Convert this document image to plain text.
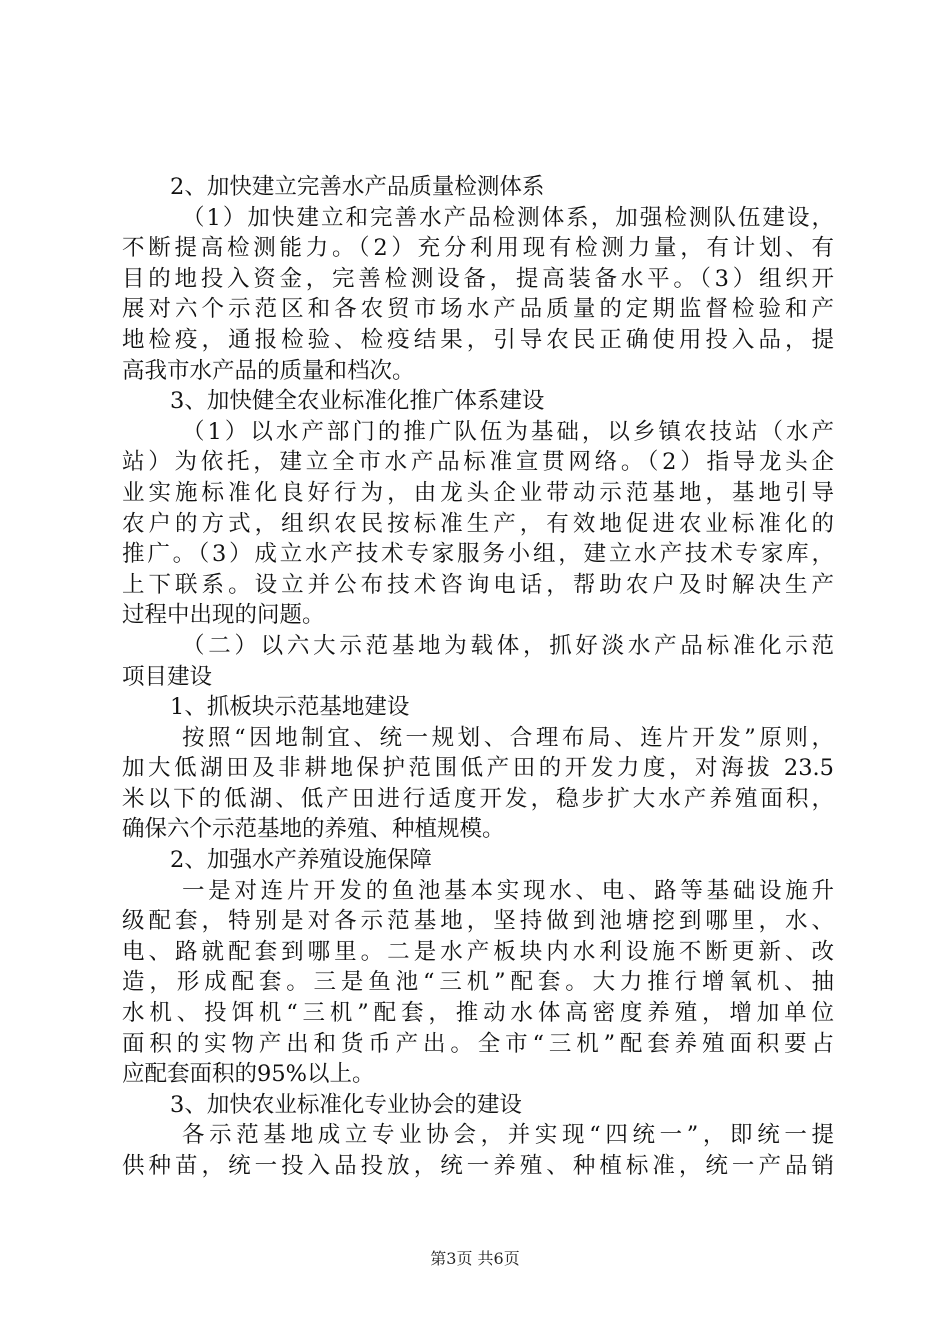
2、加快建立完善水产品质量检测体系
（1）加快建立和完善水产品检测体系，加强检测队伍建设，
不断提高检测能力。（2）充分利用现有检测力量，有计划、有
目的地投入资金，完善检测设备，提高装备水平。（3）组织开
展对六个示范区和各农贸市场水产品质量的定期监督检验和产
地检疫，通报检验、检疫结果，引导农民正确使用投入品，提
高我市水产品的质量和档次。
3、加快健全农业标准化推广体系建设
（1）以水产部门的推广队伍为基础，以乡镇农技站（水产
站）为依托，建立全市水产品标准宣贯网络。（2）指导龙头企
业实施标准化良好行为，由龙头企业带动示范基地，基地引导
农户的方式，组织农民按标准生产，有效地促进农业标准化的
推广。（3）成立水产技术专家服务小组，建立水产技术专家库，
上下联系。设立并公布技术咨询电话，帮助农户及时解决生产
过程中出现的问题。
（二）以六大示范基地为载体，抓好淡水产品标准化示范
项目建设
1、抓板块示范基地建设
按照“因地制宜、统一规划、合理布局、连片开发”原则，
加大低湖田及非耕地保护范围低产田的开发力度，对海拔 23.5
米以下的低湖、低产田进行适度开发，稳步扩大水产养殖面积，
确保六个示范基地的养殖、种植规模。
2、加强水产养殖设施保障
一是对连片开发的鱼池基本实现水、电、路等基础设施升
级配套，特别是对各示范基地，坚持做到池塘挖到哪里，水、
电、路就配套到哪里。二是水产板块内水利设施不断更新、改
造，形成配套。三是鱼池“三机”配套。大力推行增氧机、抽
水机、投饵机“三机”配套，推动水体高密度养殖，增加单位
面积的实物产出和货币产出。全市“三机”配套养殖面积要占
应配套面积的95%以上。
3、加快农业标准化专业协会的建设
各示范基地成立专业协会，并实现“四统一”，即统一提
供种苗，统一投入品投放，统一养殖、种植标准，统一产品销
第3页 共6页
